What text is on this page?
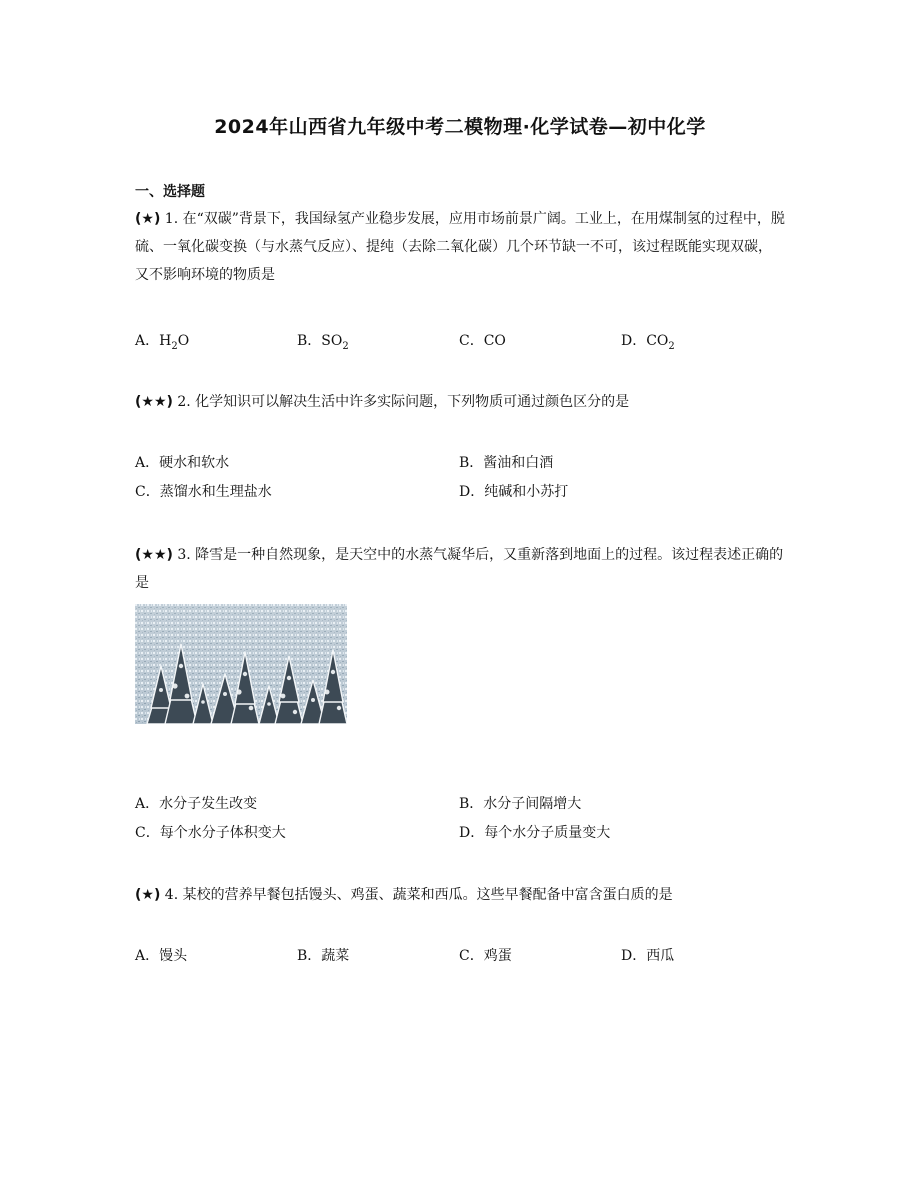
2024年山西省九年级中考二模物理·化学试卷—初中化学
一、选择题
(★) 1. 在“双碳”背景下，我国绿氢产业稳步发展，应用市场前景广阔。工业上，在用煤制氢的过程中，脱硫、一氧化碳变换（与水蒸气反应）、提纯（去除二氧化碳）几个环节缺一不可，该过程既能实现双碳，又不影响环境的物质是
A．$H_2O$	B．$SO_2$	C．CO	D．$CO_2$
(★★) 2. 化学知识可以解决生活中许多实际问题，下列物质可通过颜色区分的是
A．硬水和软水	B．酱油和白酒
C．蒸馏水和生理盐水	D．纯碱和小苏打
(★★) 3. 降雪是一种自然现象，是天空中的水蒸气凝华后，又重新落到地面上的过程。该过程表述正确的是
A．水分子发生改变	B．水分子间隔增大
C．每个水分子体积变大	D．每个水分子质量变大
(★) 4. 某校的营养早餐包括馒头、鸡蛋、蔬菜和西瓜。这些早餐配备中富含蛋白质的是
A．馒头	B．蔬菜	C．鸡蛋	D．西瓜
